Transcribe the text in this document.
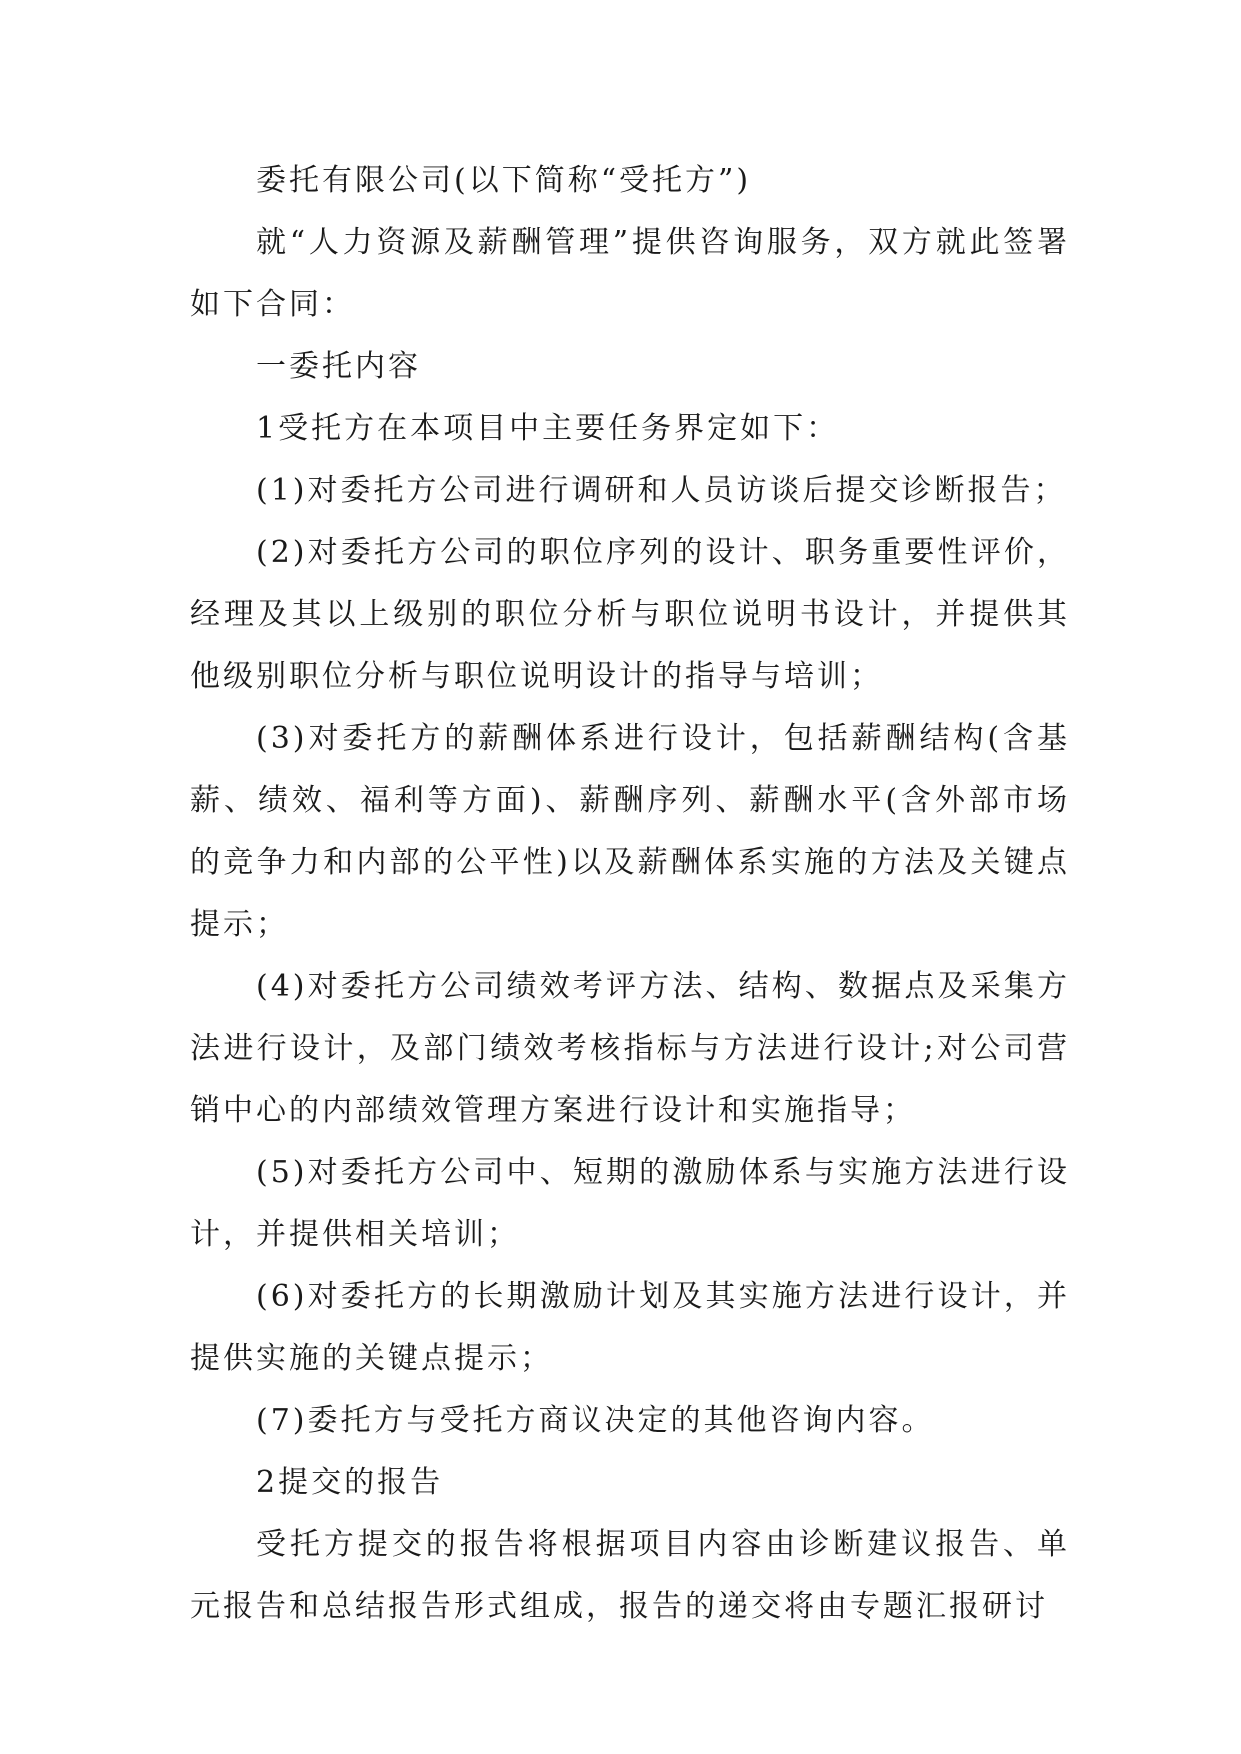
委托有限公司(以下简称“受托方”)

就“人力资源及薪酬管理”提供咨询服务，双方就此签署如下合同：

一委托内容

1受托方在本项目中主要任务界定如下：

(1)对委托方公司进行调研和人员访谈后提交诊断报告；

(2)对委托方公司的职位序列的设计、职务重要性评价，经理及其以上级别的职位分析与职位说明书设计，并提供其他级别职位分析与职位说明设计的指导与培训；

(3)对委托方的薪酬体系进行设计，包括薪酬结构(含基薪、绩效、福利等方面)、薪酬序列、薪酬水平(含外部市场的竞争力和内部的公平性)以及薪酬体系实施的方法及关键点提示；

(4)对委托方公司绩效考评方法、结构、数据点及采集方法进行设计，及部门绩效考核指标与方法进行设计;对公司营销中心的内部绩效管理方案进行设计和实施指导；

(5)对委托方公司中、短期的激励体系与实施方法进行设计，并提供相关培训；

(6)对委托方的长期激励计划及其实施方法进行设计，并提供实施的关键点提示；

(7)委托方与受托方商议决定的其他咨询内容。

2提交的报告

受托方提交的报告将根据项目内容由诊断建议报告、单元报告和总结报告形式组成，报告的递交将由专题汇报研讨
